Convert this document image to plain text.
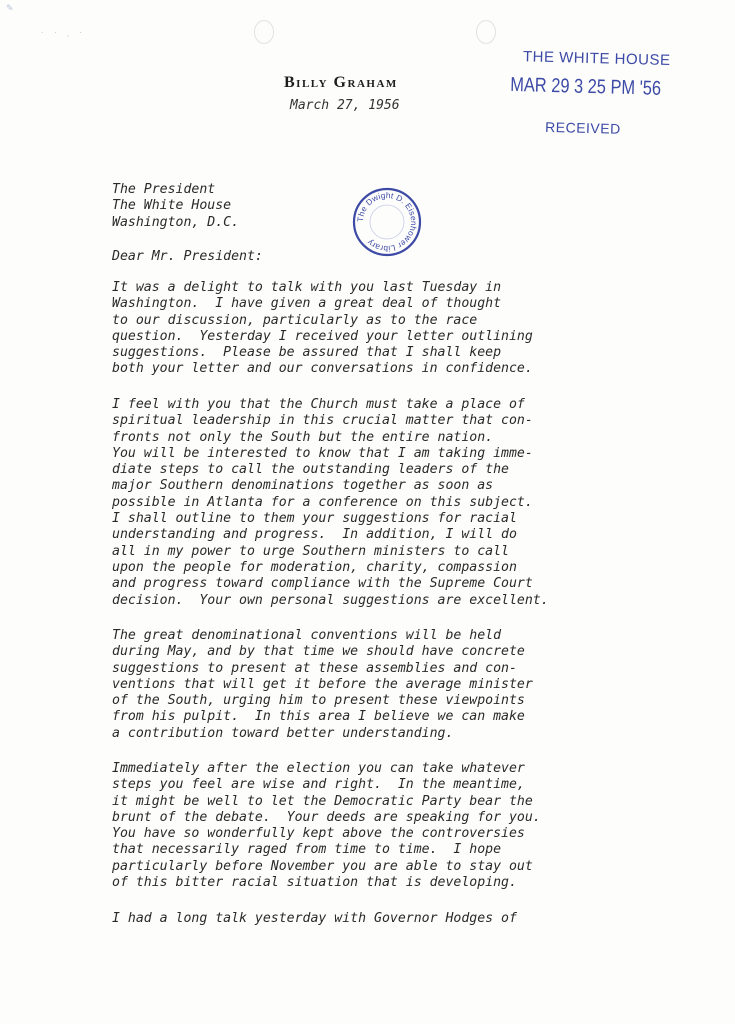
✎
˙ ˙ · ˙
Billy Graham
March 27, 1956
THE WHITE HOUSE
MAR 29 3 25 PM '56
RECEIVED
The Dwight D. Eisenhower Library
The President
The White House
Washington, D.C.
Dear Mr. President:
It was a delight to talk with you last Tuesday in
Washington.  I have given a great deal of thought
to our discussion, particularly as to the race
question.  Yesterday I received your letter outlining
suggestions.  Please be assured that I shall keep
both your letter and our conversations in confidence.
I feel with you that the Church must take a place of
spiritual leadership in this crucial matter that con-
fronts not only the South but the entire nation.
You will be interested to know that I am taking imme-
diate steps to call the outstanding leaders of the
major Southern denominations together as soon as
possible in Atlanta for a conference on this subject.
I shall outline to them your suggestions for racial
understanding and progress.  In addition, I will do
all in my power to urge Southern ministers to call
upon the people for moderation, charity, compassion
and progress toward compliance with the Supreme Court
decision.  Your own personal suggestions are excellent.
The great denominational conventions will be held
during May, and by that time we should have concrete
suggestions to present at these assemblies and con-
ventions that will get it before the average minister
of the South, urging him to present these viewpoints
from his pulpit.  In this area I believe we can make
a contribution toward better understanding.
Immediately after the election you can take whatever
steps you feel are wise and right.  In the meantime,
it might be well to let the Democratic Party bear the
brunt of the debate.  Your deeds are speaking for you.
You have so wonderfully kept above the controversies
that necessarily raged from time to time.  I hope
particularly before November you are able to stay out
of this bitter racial situation that is developing.
I had a long talk yesterday with Governor Hodges of
